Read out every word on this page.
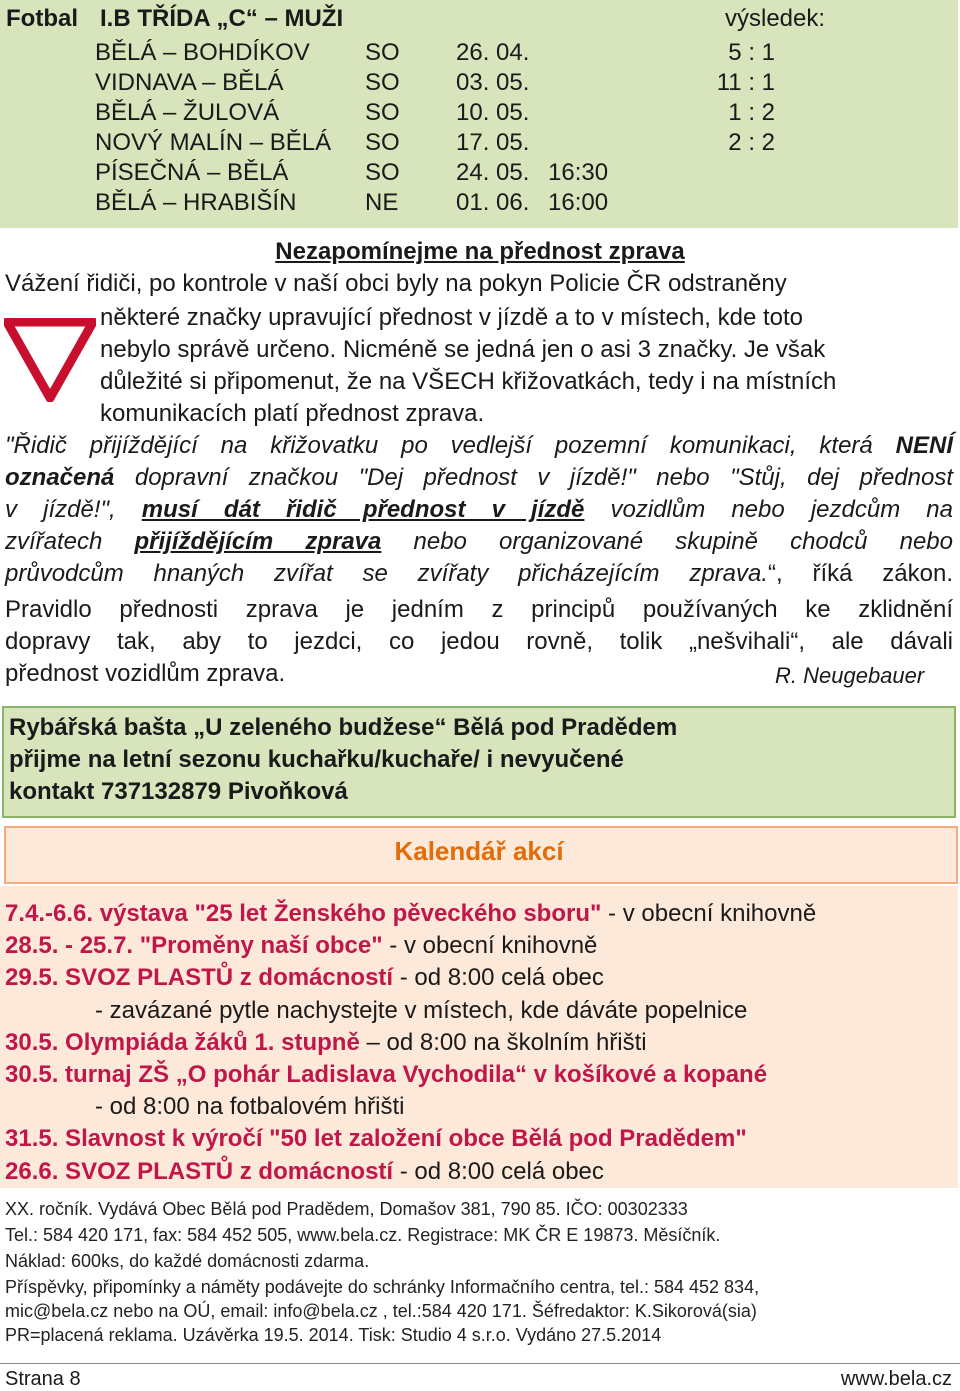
Fotbal I.B TŘÍDA „C“ – MUŽI	výsledek:
BĚLÁ – BOHDÍKOV SO 26. 04.	5 : 1
VIDNAVA – BĚLÁ	SO 03. 05.	11 : 1
BĚLÁ – ŽULOVÁ	SO 10. 05.	1 : 2
NOVÝ MALÍN – BĚLÁ SO 17. 05.	2 : 2
PÍSEČNÁ – BĚLÁ	SO 24. 05. 16:30
BĚLÁ – HRABIŠÍN	NE 01. 06. 16:00
Nezapomínejme na přednost zprava
Vážení řidiči, po kontrole v naší obci byly na pokyn Policie ČR odstraněny
některé značky upravující přednost v jízdě a to v místech, kde toto
nebylo správě určeno. Nicméně se jedná jen o asi 3 značky. Je však
důležité si připomenut, že na VŠECH křižovatkách, tedy i na místních
komunikacích platí přednost zprava.
"Řidič přijíždějící na křižovatku po vedlejší pozemní komunikaci, která NENÍ
označená dopravní značkou "Dej přednost v jízdě!" nebo "Stůj, dej přednost
v jízdě!", musí dát řidič přednost v jízdě vozidlům nebo jezdcům na
zvířatech přijíždějícím zprava nebo organizované skupině chodců nebo
průvodcům hnaných zvířat se zvířaty přicházejícím zprava.“, říká zákon.
Pravidlo přednosti zprava je jedním z principů používaných ke zklidnění
dopravy tak, aby to jezdci, co jedou rovně, tolik „nešvihali“, ale dávali
přednost vozidlům zprava.	R. Neugebauer
Rybářská bašta „U zeleného budžese“ Bělá pod Pradědem
přijme na letní sezonu kuchařku/kuchaře/ i nevyučené
kontakt 737132879 Pivoňková
Kalendář akcí
7.4.-6.6. výstava "25 let Ženského pěveckého sboru" - v obecní knihovně
28.5. - 25.7. "Proměny naší obce" - v obecní knihovně
29.5. SVOZ PLASTŮ z domácností - od 8:00 celá obec
- zavázané pytle nachystejte v místech, kde dáváte popelnice
30.5. Olympiáda žáků 1. stupně – od 8:00 na školním hřišti
30.5. turnaj ZŠ „O pohár Ladislava Vychodila“ v košíkové a kopané
- od 8:00 na fotbalovém hřišti
31.5. Slavnost k výročí "50 let založení obce Bělá pod Pradědem"
26.6. SVOZ PLASTŮ z domácností - od 8:00 celá obec
XX. ročník. Vydává Obec Bělá pod Pradědem, Domašov 381, 790 85. IČO: 00302333
Tel.: 584 420 171, fax: 584 452 505, www.bela.cz. Registrace: MK ČR E 19873. Měsíčník.
Náklad: 600ks, do každé domácnosti zdarma.
Příspěvky, připomínky a náměty podávejte do schránky Informačního centra, tel.: 584 452 834,
mic@bela.cz nebo na OÚ, email: info@bela.cz , tel.:584 420 171. Šéfredaktor: K.Sikorová(sia)
PR=placená reklama. Uzávěrka 19.5. 2014. Tisk: Studio 4 s.r.o. Vydáno 27.5.2014
Strana 8	www.bela.cz
